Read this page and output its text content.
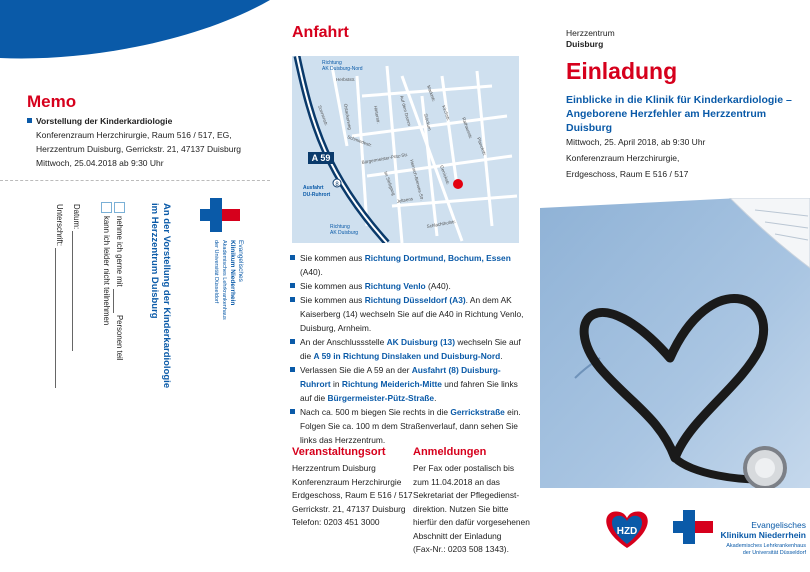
Memo
Vorstellung der Kinderkardiologie
Konferenzraum Herzchirurgie, Raum 516 / 517, EG,
Herzzentrum Duisburg, Gerrickstr. 21, 47137 Duisburg
Mittwoch, 25.04.2018 ab 9:30 Uhr
An der Vorstellung der Kinderkardiologie
im Herzzentrum Duisburg
nehme ich gerne mit  Personen teil
kann ich leider nicht teilnehmen
Datum:
Unterschrift:
Evangelisches
Klinikum Niederrhein
Akademisches Lehrkrankenhaus
der Universität Düsseldorf
Anfahrt
A 59
8
Richtung
AK Duisburg-Nord
Ausfahrt
DU-Ruhrort
Richtung
AK Duisburg
Herbststr.
Sonnenstr.	Ostackerweg	Hinterstr.
Schmiedestr.
Auf dem Damm
Marktstr.
Kirchstr.
Stöckum	Rathausstr.
Planckstr.
Bürgermeister-Pütz-Str.
Heinrich-Bierwes-Str.	Gerrickstr.
Im Siebgang
Jeltsens
Schlachthofstr.
Sie kommen aus Richtung Dortmund, Bochum, Essen (A40).
Sie kommen aus Richtung Venlo (A40).
Sie kommen aus Richtung Düsseldorf (A3). An dem AK Kaiserberg (14) wechseln Sie auf die A40 in Richtung Venlo, Duisburg, Arnheim.
An der Anschlussstelle AK Duisburg (13) wechseln Sie auf die A 59 in Richtung Dinslaken und Duisburg-Nord.
Verlassen Sie die A 59 an der Ausfahrt (8) Duisburg-Ruhrort in Richtung Meiderich-Mitte und fahren Sie links auf die Bürgermeister-Pütz-Straße.
Nach ca. 500 m biegen Sie rechts in die Gerrickstraße ein. Folgen Sie ca. 100 m dem Straßenverlauf, dann sehen Sie links das Herzzentrum.
Veranstaltungsort
Herzzentrum Duisburg
Konferenzraum Herzchirurgie
Erdgeschoss, Raum E 516 / 517
Gerrickstr. 21, 47137 Duisburg
Telefon: 0203 451 3000
Anmeldungen
Per Fax oder postalisch bis
zum 11.04.2018 an das
Sekretariat der Pflegedienst-
direktion. Nutzen Sie bitte
hierfür den dafür vorgesehenen
Abschnitt der Einladung
(Fax-Nr.: 0203 508 1343).
Herzzentrum
Duisburg
Einladung
Einblicke in die Klinik für Kinderkardiologie – Angeborene Herzfehler am Herzzentrum Duisburg
Mittwoch, 25. April 2018, ab 9:30 Uhr
Konferenzraum Herzchirurgie,
Erdgeschoss, Raum E 516 / 517
HZD
Evangelisches
Klinikum Niederrhein
Akademisches Lehrkrankenhaus
der Universität Düsseldorf
